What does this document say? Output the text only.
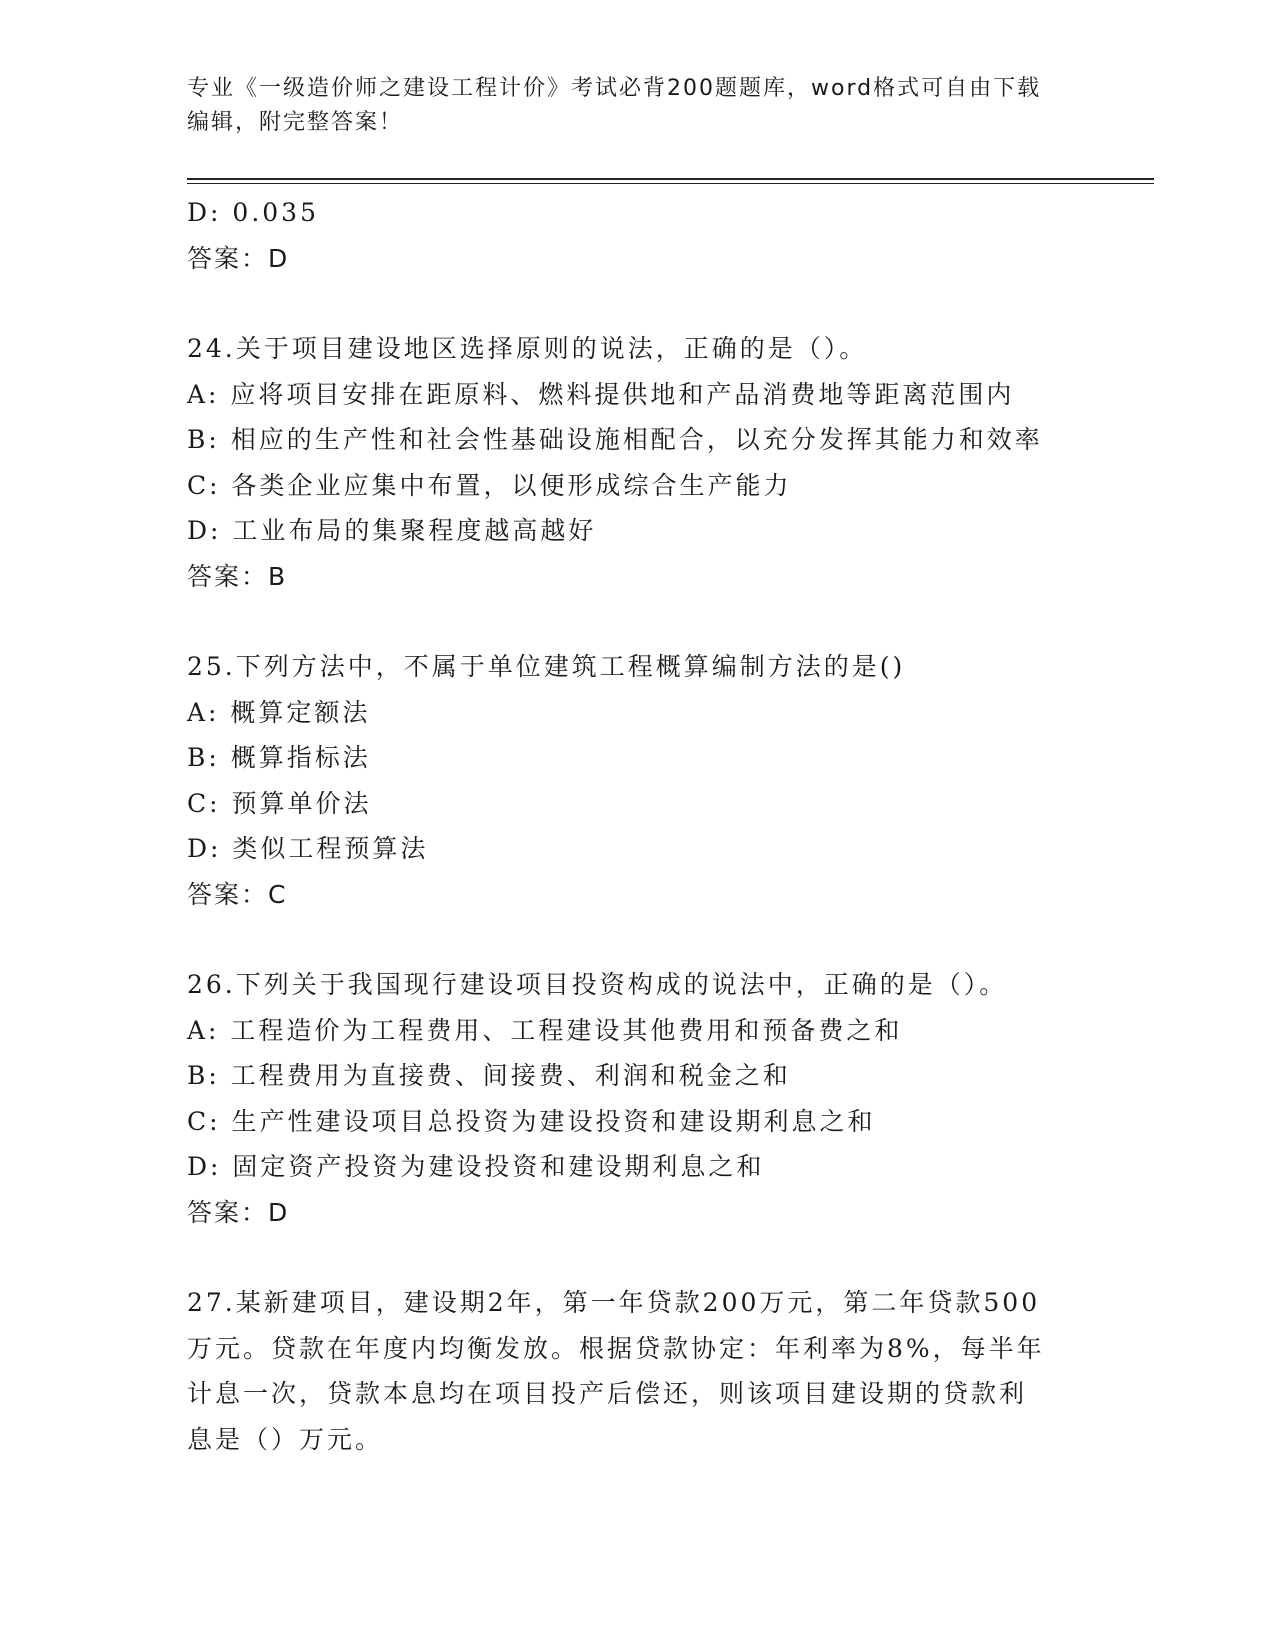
专业《一级造价师之建设工程计价》考试必背200题题库，word格式可自由下载
编辑，附完整答案！
D: 0.035
答案：D
24.关于项目建设地区选择原则的说法，正确的是（）。
A: 应将项目安排在距原料、燃料提供地和产品消费地等距离范围内
B: 相应的生产性和社会性基础设施相配合，以充分发挥其能力和效率
C: 各类企业应集中布置，以便形成综合生产能力
D: 工业布局的集聚程度越高越好
答案：B
25.下列方法中，不属于单位建筑工程概算编制方法的是()
A: 概算定额法
B: 概算指标法
C: 预算单价法
D: 类似工程预算法
答案：C
26.下列关于我国现行建设项目投资构成的说法中，正确的是（）。
A: 工程造价为工程费用、工程建设其他费用和预备费之和
B: 工程费用为直接费、间接费、利润和税金之和
C: 生产性建设项目总投资为建设投资和建设期利息之和
D: 固定资产投资为建设投资和建设期利息之和
答案：D
27.某新建项目，建设期2年，第一年贷款200万元，第二年贷款500
万元。贷款在年度内均衡发放。根据贷款协定：年利率为8%，每半年
计息一次，贷款本息均在项目投产后偿还，则该项目建设期的贷款利
息是（）万元。
